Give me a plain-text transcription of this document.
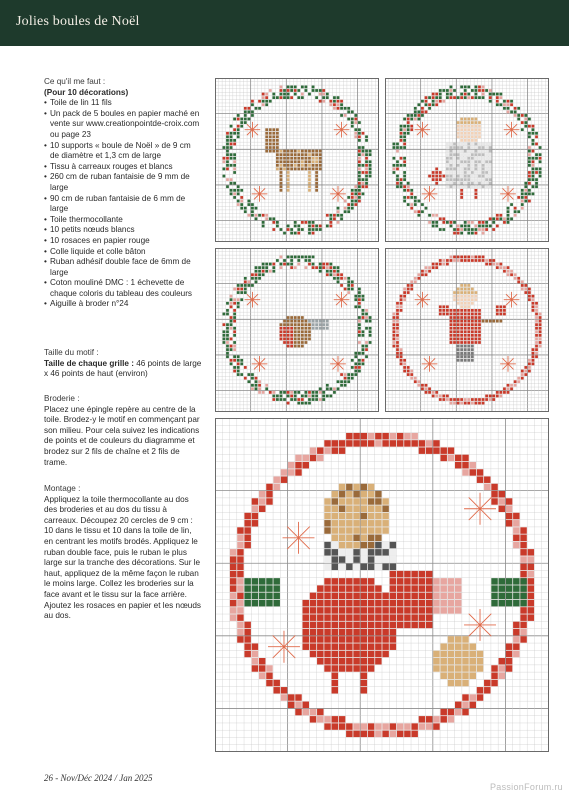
Jolies boules de Noël
Ce qu'il me faut :
(Pour 10 décorations)
• Toile de lin 11 fils
• Un pack de 5 boules en papier maché en vente sur www.creationpointde-croix.com ou page 23
• 10 supports « boule de Noël » de 9 cm de diamètre et 1,3 cm de large
• Tissu à carreaux rouges et blancs
• 260 cm de ruban fantaisie de 9 mm de large
• 90 cm de ruban fantaisie de 6 mm de large
• Toile thermocollante
• 10 petits nœuds blancs
• 10 rosaces en papier rouge
• Colle liquide et colle bâton
• Ruban adhésif double face de 6mm de large
• Coton mouliné DMC : 1 échevette de chaque coloris du tableau des couleurs
• Aiguille à broder n°24
Taille du motif :
Taille de chaque grille : 46 points de large x 46 points de haut (environ)
Broderie :
Placez une épingle repère au centre de la toile. Brodez-y le motif en commençant par son milieu. Pour cela suivez les indications de points et de couleurs du diagramme et brodez sur 2 fils de chaîne et 2 fils de trame.
Montage :
Appliquez la toile thermocollante au dos des broderies et au dos du tissu à carreaux. Découpez 20 cercles de 9 cm : 10 dans le tissu et 10 dans la toile de lin, en centrant les motifs brodés. Appliquez le ruban double face, puis le ruban le plus large sur la tranche des décorations. Sur le haut, appliquez de la même façon le ruban le moins large. Collez les broderies sur la face avant et le tissu sur la face arrière. Ajoutez les rosaces en papier et les nœuds au dos.
26 - Nov/Déc 2024 / Jan 2025
PassionForum.ru
